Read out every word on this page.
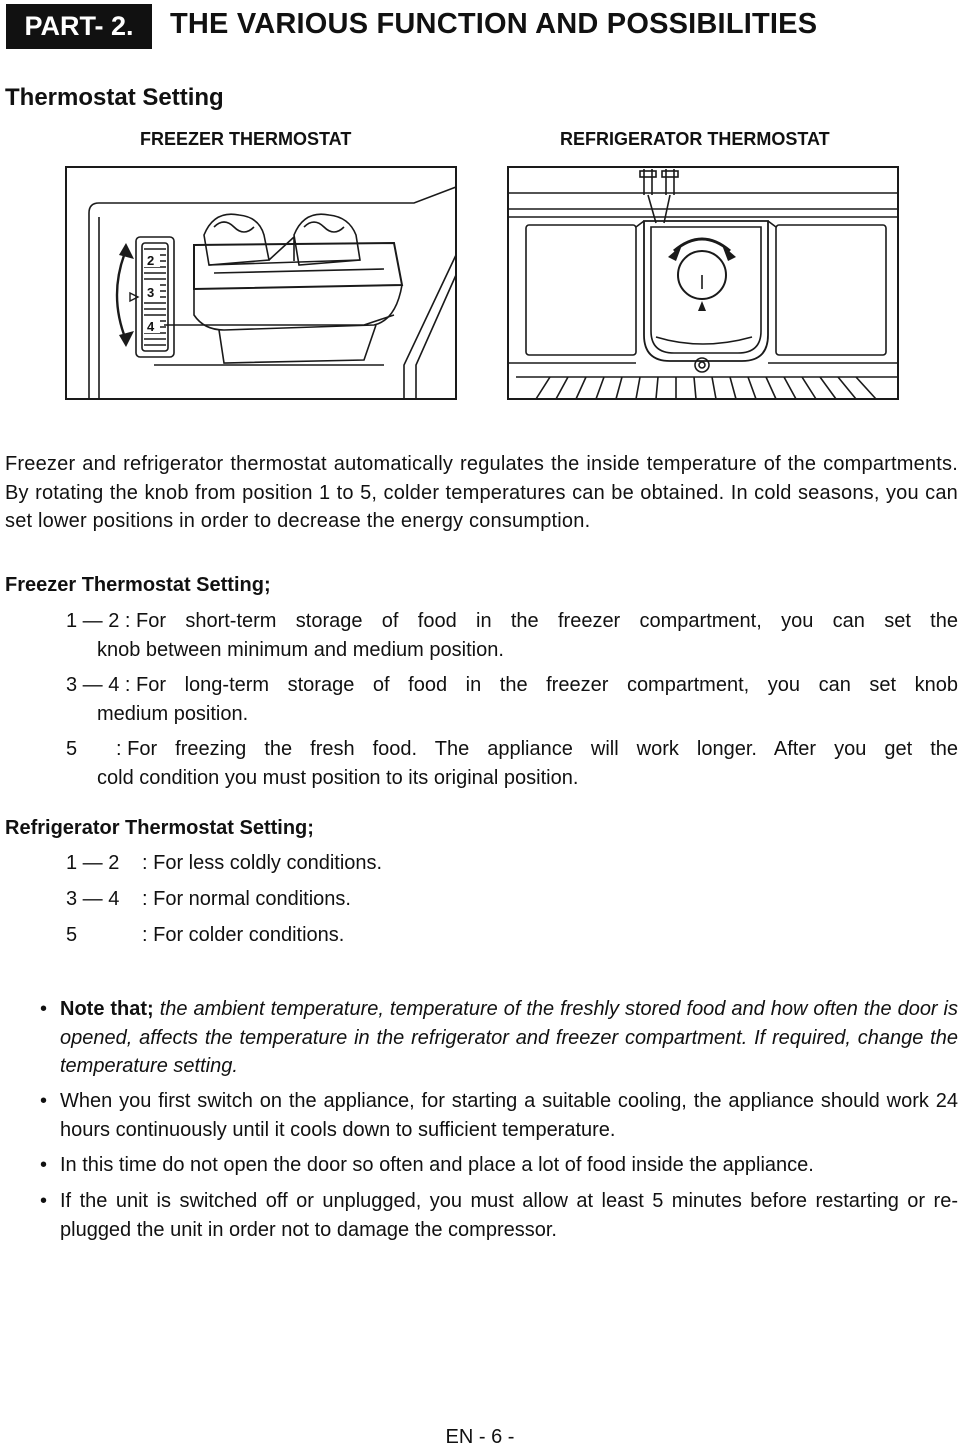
PART- 2.	THE VARIOUS FUNCTION AND POSSIBILITIES
Thermostat Setting
FREEZER THERMOSTAT	REFRIGERATOR THERMOSTAT
2
3
4
Freezer and refrigerator thermostat automatically regulates the inside temperature of the compartments. By rotating the knob from position 1 to 5, colder temperatures can be obtained. In cold seasons, you can set lower positions in order to decrease the energy consumption.
Freezer Thermostat Setting;
1 — 2 : For short-term storage of food in the freezer compartment, you can set the
knob between minimum and medium position.
3 — 4 : For long-term storage of food in the freezer compartment, you can set knob
medium position.
5       : For freezing the fresh food. The appliance will work longer. After you get the
cold condition you must position to its original position.
Refrigerator Thermostat Setting;
1 — 2	: For less coldly conditions.
3 — 4	: For normal conditions.
5	: For colder conditions.
• Note that; the ambient temperature, temperature of the freshly stored food and how often the door is opened, affects the temperature in the refrigerator and freezer compartment. If required, change the temperature setting.
• When you first switch on the appliance, for starting a suitable cooling, the appliance should work 24 hours continuously until it cools down to sufficient temperature.
• In this time do not open the door so often and place a lot of food inside the appliance.
• If the unit is switched off or unplugged, you must allow at least 5 minutes before restarting or re-plugged the unit in order not to damage the compressor.
EN - 6 -
